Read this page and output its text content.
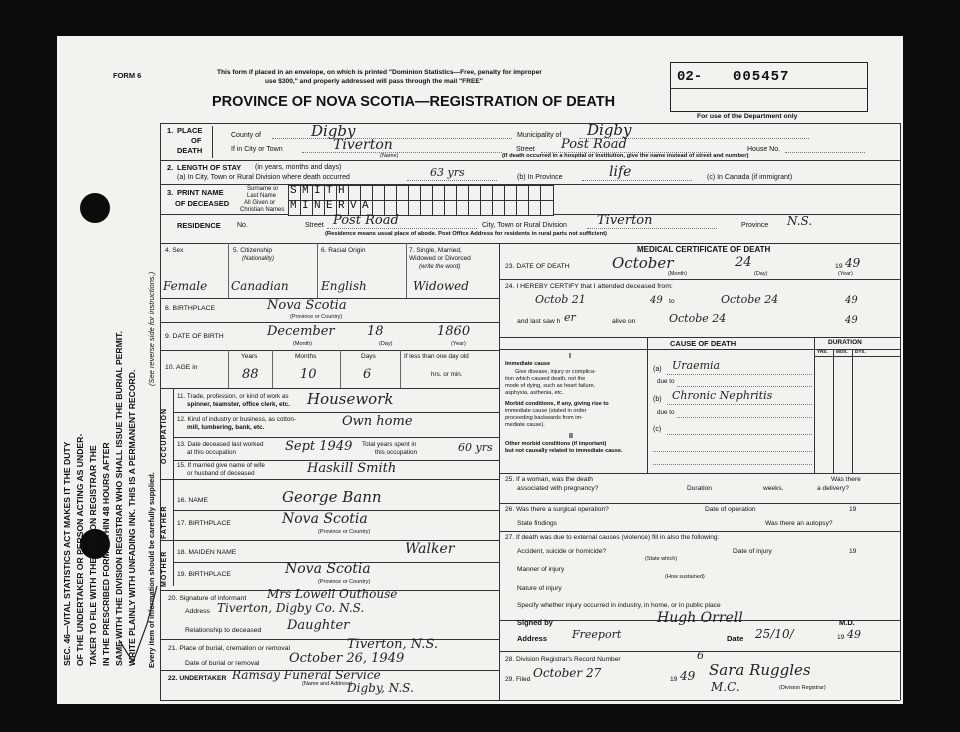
SEC. 46—VITAL STATISTICS ACT MAKES IT THE DUTY OF THE UNDERTAKER OR PERSON ACTING AS UNDER- TAKER TO FILE WITH THE DIVISION REGISTRAR THE IN THE PRESCRIBED FORM WITHIN 48 HOURS AFTER SAME WITH THE DIVISION REGISTRAR WHO SHALL ISSUE THE BURIAL PERMIT. WRITE PLAINLY WITH UNFADING INK. THIS IS A PERMANENT RECORD.	Every item of information should be carefully supplied.
(See reverse side for instructions.)
FORM 6	This form if placed in an envelope, on which is printed "Dominion Statistics—Free, penalty for improper
use $300," and properly addressed will pass through the mail "FREE"
PROVINCE OF NOVA SCOTIA—REGISTRATION OF DEATH
02- 005457
For use of the Department only
1. PLACE
OF
DEATH
County of	Digby	Municipality of Digby
If in City or Town	Tiverton
(Name)
Street Post Road	House No.
(If death occurred in a hospital or institution, give the name instead of street and number)
2. LENGTH OF STAY (in years, months and days)
(a) In City, Town or Rural Division where death occurred	63 yrs	(b) In Province	life	(c) In Canada (if immigrant)
3. PRINT NAME
OF DECEASED
Surname or
Last Name
All Given or
Christian Names
SMITH
MINERVA
RESIDENCE No.	Street Post Road	City, Town or Rural Division Tiverton	Province N.S.
(Residence means usual place of abode. Post Office Address for residents in rural parts not sufficient)
4. Sex
Female
5. Citizenship
(Nationality)
Canadian
6. Racial Origin
English
7. Single, Married,
Widowed or Divorced
(write the word)
Widowed
8. BIRTHPLACE	Nova Scotia
(Province or Country)
9. DATE OF BIRTH	December 18	1860
(Month)	(Day)	(Year)
10. AGE in
Years	Months	Days
88	10	6
If less than one day old
hrs. or min.
OCCUPATION
FATHER
MOTHER
11. Trade, profession, or kind of work as
spinner, teamster, office clerk, etc. Housework
12. Kind of industry or business, as cotton-
mill, lumbering, bank, etc.	Own home
13. Date deceased last worked
at this occupation	Sept 1949 Total years spent in
this occupation	60 yrs
15. If married give name of wife
or husband of deceased	Haskill Smith
16. NAME	George Bann
17. BIRTHPLACE	Nova Scotia
(Province or Country)
18. MAIDEN NAME	Walker
19. BIRTHPLACE	Nova Scotia
(Province or Country)
20. Signature of informant Mrs Lowell Outhouse
Address Tiverton, Digby Co. N.S.
Relationship to deceased Daughter
21. Place of burial, cremation or removal	Tiverton, N.S.
Date of burial or removal October 26, 1949
22. UNDERTAKER Ramsay Funeral Service
(Name and Address)
Digby, N.S.
MEDICAL CERTIFICATE OF DEATH
23. DATE OF DEATH	October	24	19 49
(Month)	(Day)	(Year)
24. I HEREBY CERTIFY that I attended deceased from:
Octob 21	49 to	Octobe 24	49
and last saw h er	alive on	Octobe 24	49
CAUSE OF DEATH	DURATION
YRS. MOS. DYS.
I
Immediate cause
Give disease, injury or complica-
tion which caused death, not the
mode of dying, such as heart failure,
asphyxia, asthenia, etc.
Morbid conditions, if any, giving rise to
immediate cause (stated in order
proceeding backwards from im-
mediate cause).
II
Other morbid conditions (if important)
but not causally related to immediate cause.
(a) Uraemia
due to
(b) Chronic Nephritis
due to
(c)
25. If a woman, was the death
associated with pregnancy?	Duration	weeks.
Was there
a delivery?
26. Was there a surgical operation?	Date of operation	19
State findings	Was there an autopsy?
27. If death was due to external causes (violence) fill in also the following:
Accident, suicide or homicide?	Date of injury	19
(State which)
Manner of injury
(How sustained)
Nature of injury
Specify whether injury occurred in industry, in home, or in public place
Signed by	Hugh Orrell	M.D.
Address Freeport	Date 25/10/	19 49
28. Division Registrar's Record Number	6
29. Filed October 27	19 49 Sara Ruggles
M.C.	(Division Registrar)
